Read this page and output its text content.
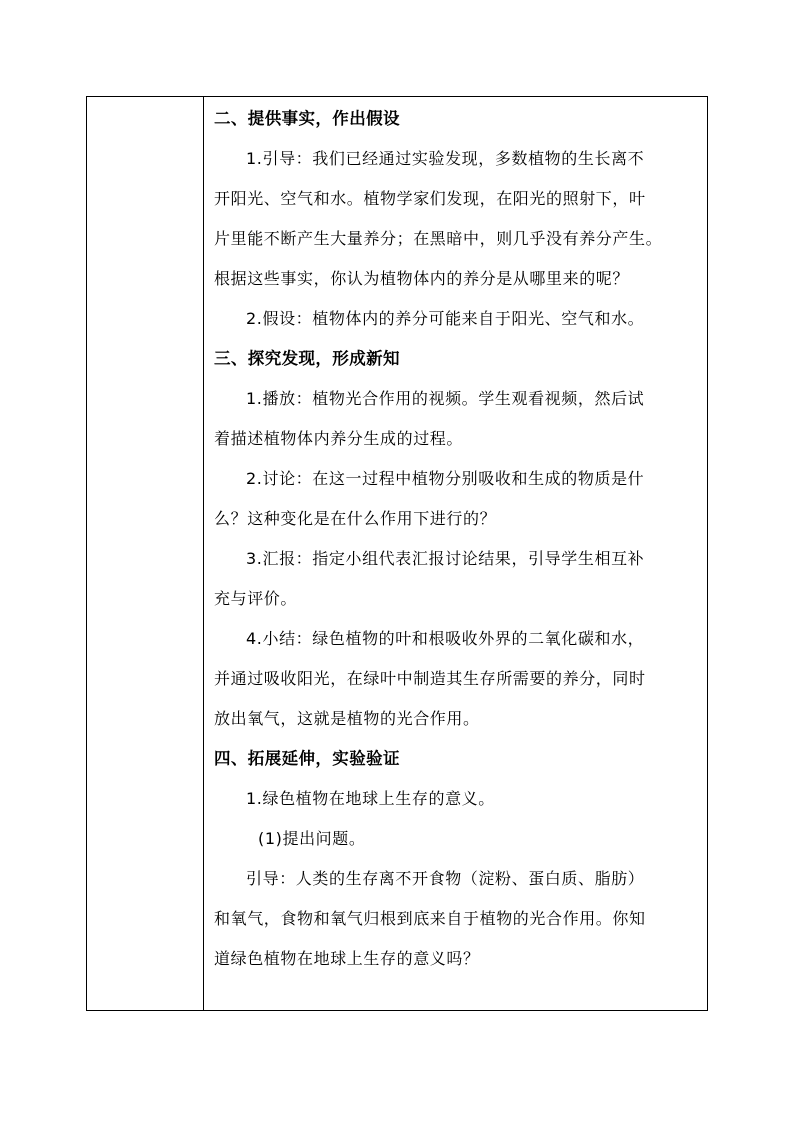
二、提供事实，作出假设
1.引导：我们已经通过实验发现，多数植物的生长离不
开阳光、空气和水。植物学家们发现，在阳光的照射下，叶
片里能不断产生大量养分；在黑暗中，则几乎没有养分产生。
根据这些事实，你认为植物体内的养分是从哪里来的呢？
2.假设：植物体内的养分可能来自于阳光、空气和水。
三、探究发现，形成新知
1.播放：植物光合作用的视频。学生观看视频，然后试
着描述植物体内养分生成的过程。
2.讨论：在这一过程中植物分别吸收和生成的物质是什
么？这种变化是在什么作用下进行的？
3.汇报：指定小组代表汇报讨论结果，引导学生相互补
充与评价。
4.小结：绿色植物的叶和根吸收外界的二氧化碳和水，
并通过吸收阳光，在绿叶中制造其生存所需要的养分，同时
放出氧气，这就是植物的光合作用。
四、拓展延伸，实验验证
1.绿色植物在地球上生存的意义。
(1)提出问题。
引导：人类的生存离不开食物（淀粉、蛋白质、脂肪）
和氧气，食物和氧气归根到底来自于植物的光合作用。你知
道绿色植物在地球上生存的意义吗？
